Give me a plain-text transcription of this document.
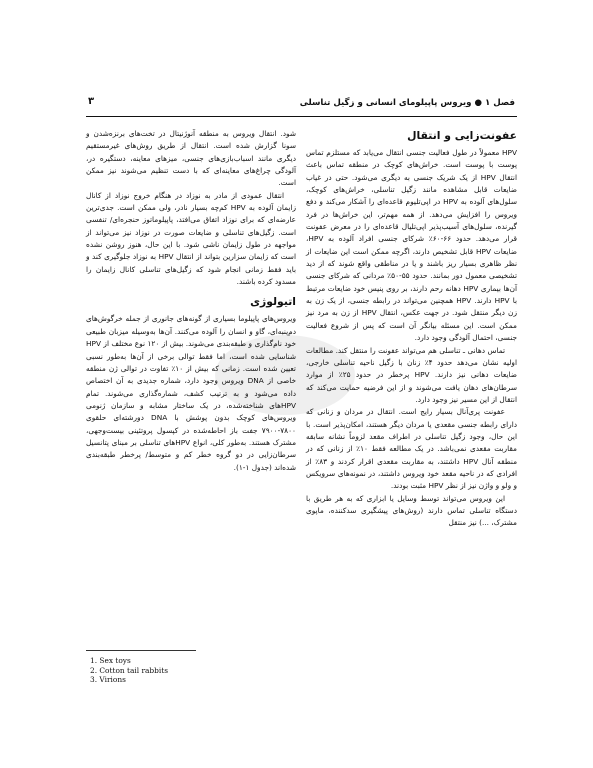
فصل ۱ ● ویروس پاپیلومای انسانی و زگیل تناسلی
۳
عفونت‌زایی و انتقال

HPV معمولاً در طول فعالیت جنسی انتقال می‌یابد که مستلزم تماس پوست با پوست است. خراش‌های کوچک در منطقه تماس باعث انتقال HPV از یک شریک جنسی به دیگری می‌شود. حتی در غیاب ضایعات قابل مشاهده مانند زگیل تناسلی، خراش‌های کوچک، سلول‌های آلوده به HPV در اپی‌تلیوم قاعده‌ای را آشکار می‌کند و دفع ویروس را افزایش می‌دهد. از همه مهم‌تر، این خراش‌ها در فرد گیرنده، سلول‌های آسیب‌پذیر اپی‌تلیال قاعده‌ای را در معرض عفونت قرار می‌دهد. حدود ۶۶-۶۰٪ شرکای جنسی افراد آلوده به HPV، ضایعات HPV قابل تشخیص دارند، اگرچه ممکن است این ضایعات از نظر ظاهری بسیار ریز باشند و یا در مناطقی واقع شوند که از دید تشخیصی معمول دور بمانند. حدود ۵۵-۵۰٪ مردانی که شرکای جنسی آن‌ها بیماری HPV دهانه رحم دارند، بر روی پنیس خود ضایعات مرتبط با HPV دارند. HPV همچنین می‌تواند در رابطه جنسی، از یک زن به زن دیگر منتقل شود. در جهت عکس، انتقال HPV از زن به مرد نیز ممکن است. این مسئله بیانگر آن است که پس از شروع فعالیت جنسی، احتمال آلودگی وجود دارد.

تماس دهانی ـ تناسلی هم می‌تواند عفونت را منتقل کند. مطالعات اولیه نشان می‌دهد حدود ۴٪ زنان با زگیل ناحیه تناسلی خارجی، ضایعات دهانی نیز دارند. HPV پرخطر در حدود ۲۵٪ از موارد سرطان‌های دهان یافت می‌شوند و از این فرضیه حمایت می‌کند که انتقال از این مسیر نیز وجود دارد.

عفونت پری‌آنال بسیار رایج است. انتقال در مردان و زنانی که دارای رابطه جنسی مقعدی یا مردان دیگر هستند، امکان‌پذیر است. با این حال، وجود زگیل تناسلی در اطراف مقعد لزوماً نشانه سابقه مقاربت مقعدی نمی‌باشد. در یک مطالعه فقط ۱۰٪ از زنانی که در منطقه آنال HPV داشتند، به مقاربت مقعدی اقرار کردند و ۸۳٪ از افرادی که در ناحیه مقعد خود ویروس داشتند، در نمونه‌های سرویکس و ولو و واژن نیز از نظر HPV مثبت بودند.

این ویروس می‌تواند توسط وسایل یا ابزاری که به هر طریق با دستگاه تناسلی تماس دارند (روش‌های پیشگیری سدکننده، ماپوی مشترک، ...) نیز منتقل

شود. انتقال ویروس به منطقه آنوژنیتال در تخت‌های برنزه‌شدن و سونا گزارش شده است. انتقال از طریق روش‌های غیرمستقیم دیگری مانند اسباب‌بازی‌های جنسی، میزهای معاینه، دستگیره در، آلودگی چراغ‌های معاینه‌ای که با دست تنظیم می‌شوند نیز ممکن است.

انتقال عمودی از مادر به نوزاد در هنگام خروج نوزاد از کانال زایمان آلوده به HPV کم‌چه بسیار نادر، ولی ممکن است. جدی‌ترین عارضه‌ای که برای نوزاد اتفاق می‌افتد، پاپیلوماتوز حنجره‌ای/ تنفسی است. زگیل‌های تناسلی و ضایعات صورت در نوزاد نیز می‌تواند از مواجهه در طول زایمان ناشی شود. با این حال، هنوز روشن نشده است که زایمان سزارین بتواند از انتقال HPV به نوزاد جلوگیری کند و باید فقط زمانی انجام شود که زگیل‌های تناسلی کانال زایمان را مسدود کرده باشند.

اتیولوژی

ویروس‌های پاپیلوما بسیاری از گونه‌های جانوری از جمله خرگوش‌های دم‌پنبه‌ای، گاو و انسان را آلوده می‌کنند. آن‌ها به‌وسیله میزبان طبیعی خود نام‌گذاری و طبقه‌بندی می‌شوند. بیش از ۱۲۰ نوع مختلف از HPV شناسایی شده است، اما فقط توالی برخی از آن‌ها به‌طور نسبی تعیین شده است. زمانی که بیش از ۱۰٪ تفاوت در توالی ژن منطقه خاصی از DNA ویروس وجود دارد، شماره جدیدی به آن اختصاص داده می‌شود و به ترتیب کشف، شماره‌گذاری می‌شوند. تمام HPVهای شناخته‌شده، در یک ساختار مشابه و سازمان ژنومی ویروس‌های کوچک بدون پوشش با DNA دورشته‌ای حلقوی ۷۸۰۰-۷۹۰۰ جفت باز احاطه‌شده در کپسول پروتئینی بیست‌وجهی، مشترک هستند. به‌طور کلی، انواع HPVهای تناسلی بر مبنای پتانسیل سرطان‌زایی در دو گروه خطر کم و متوسط/ پرخطر طبقه‌بندی شده‌اند (جدول ۱-۱).

1. Sex toys
2. Cotton tail rabbits
3. Virions
